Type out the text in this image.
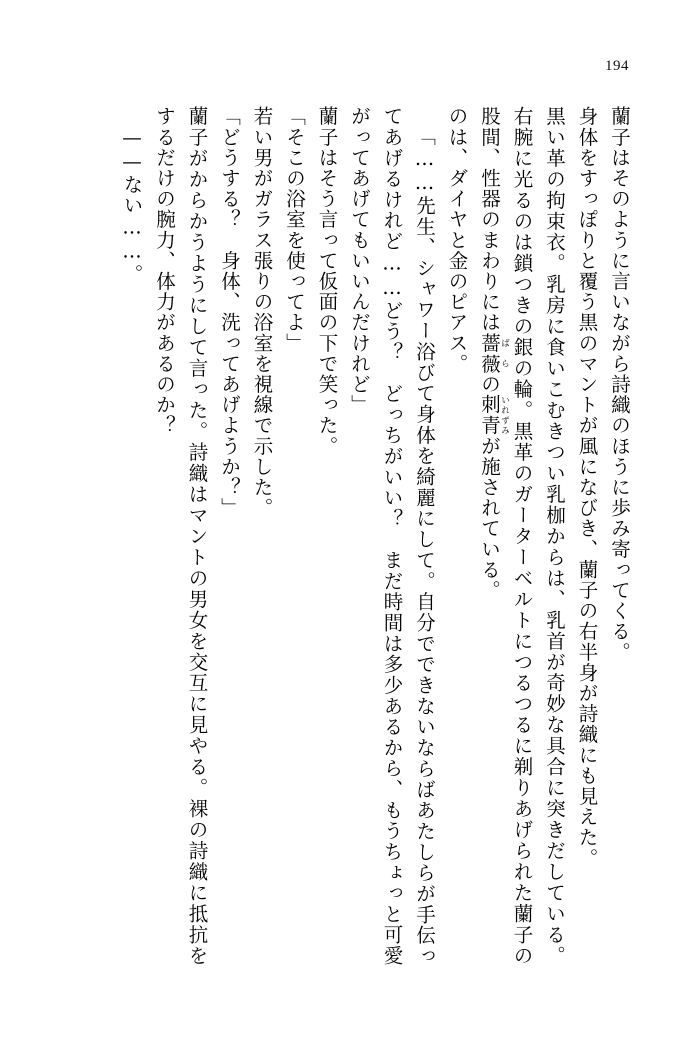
194

蘭子はそのように言いながら詩織のほうに歩み寄ってくる。

身体をすっぽりと覆う黒のマントが風になびき、蘭子の右半身が詩織にも見えた。

黒い革の拘束衣。乳房に食いこむきつい乳枷からは、乳首が奇妙な具合に突きだしている。右腕に光るのは鎖つきの銀の輪。黒革のガーターベルトにつるつるに剃りあげられた蘭子の股間、性器のまわりには薔薇ばらの刺青いれずみが施されている。

のは、ダイヤと金のピアス。

「……先生、シャワー浴びて身体を綺麗にして。自分でできないならばあたしらが手伝ってあげるけれど……どう？　どっちがいい？　まだ時間は多少あるから、もうちょっと可愛がってあげてもいいんだけれど」

蘭子はそう言って仮面の下で笑った。

「そこの浴室を使ってよ」

若い男がガラス張りの浴室を視線で示した。

「どうする？　身体、洗ってあげようか？」

蘭子がからかうようにして言った。詩織はマントの男女を交互に見やる。裸の詩織に抵抗をするだけの腕力、体力があるのか？

——ない……。
